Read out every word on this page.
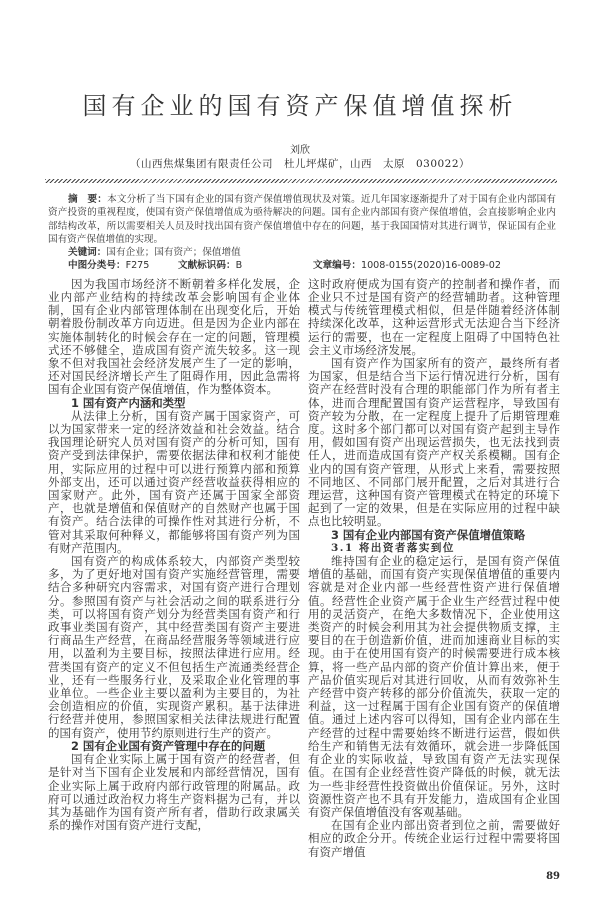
国有企业的国有资产保值增值探析
刘欣
（山西焦煤集团有限责任公司　杜儿坪煤矿，山西　太原　030022）

摘　要：本文分析了当下国有企业的国有资产保值增值现状及对策。近几年国家逐渐提升了对于国有企业内部国有资产投资的重视程度，使国有资产保值增值成为亟待解决的问题。国有企业内部国有资产保值增值，会直接影响企业内部结构改革，所以需要相关人员及时找出国有资产保值增值中存在的问题，基于我国国情对其进行调节，保证国有企业国有资产保值增值的实现。

关键词：国有企业；国有资产；保值增值
中图分类号：F275	文献标识码：B	文章编号：1008-0155(2020)16-0089-02

因为我国市场经济不断朝着多样化发展，企业内部产业结构的持续改革会影响国有企业体制，国有企业内部管理体制在出现变化后，开始朝着股份制改革方向迈进。但是因为企业内部在实施体制转化的时候会存在一定的问题，管理模式还不够健全，造成国有资产流失较多。这一现象不但对我国社会经济发展产生了一定的影响，还对国民经济增长产生了阻碍作用，因此急需将国有企业国有资产保值增值，作为整体资本。

1 国有资产内涵和类型

从法律上分析，国有资产属于国家资产，可以为国家带来一定的经济效益和社会效益。结合我国理论研究人员对国有资产的分析可知，国有资产受到法律保护，需要依据法律和权利才能使用，实际应用的过程中可以进行预算内部和预算外部支出，还可以通过资产经营收益获得相应的国家财产。此外，国有资产还属于国家全部资产，也就是增值和保值财产的自然财产也属于国有资产。结合法律的可操作性对其进行分析，不管对其采取何种释义，都能够将国有资产列为国有财产范围内。

国有资产的构成体系较大，内部资产类型较多，为了更好地对国有资产实施经营管理，需要结合多种研究内容需求，对国有资产进行合理划分。参照国有资产与社会活动之间的联系进行分类，可以将国有资产划分为经营类国有资产和行政事业类国有资产，其中经营类国有资产主要进行商品生产经营，在商品经营服务等领域进行应用，以盈利为主要目标，按照法律进行应用。经营类国有资产的定义不但包括生产流通类经营企业，还有一些服务行业，及采取企业化管理的事业单位。一些企业主要以盈利为主要目的，为社会创造相应的价值，实现资产累积。基于法律进行经营并使用，参照国家相关法律法规进行配置的国有资产，使用节约原则进行生产的资产。

2 国有企业国有资产管理中存在的问题

国有企业实际上属于国有资产的经营者，但是针对当下国有企业发展和内部经营情况，国有企业实际上属于政府内部行政管理的附属品。政府可以通过政治权力将生产资料据为己有，并以其为基础作为国有资产所有者，借助行政隶属关系的操作对国有资产进行支配，

这时政府便成为国有资产的控制者和操作者，而企业只不过是国有资产的经营辅助者。这种管理模式与传统管理模式相似，但是伴随着经济体制持续深化改革，这种运营形式无法迎合当下经济运行的需要，也在一定程度上阻碍了中国特色社会主义市场经济发展。

国有资产作为国家所有的资产，最终所有者为国家，但是结合当下运行情况进行分析，国有资产在经营时没有合理的职能部门作为所有者主体，进而合理配置国有资产运营程序，导致国有资产较为分散，在一定程度上提升了后期管理难度。这时多个部门都可以对国有资产起到主导作用，假如国有资产出现运营损失，也无法找到责任人，进而造成国有资产产权关系模糊。国有企业内的国有资产管理，从形式上来看，需要按照不同地区、不同部门展开配置，之后对其进行合理运营，这种国有资产管理模式在特定的环境下起到了一定的效果，但是在实际应用的过程中缺点也比较明显。

3 国有企业内部国有资产保值增值策略
3.1 将出资者落实到位

维持国有企业的稳定运行，是国有资产保值增值的基础，而国有资产实现保值增值的重要内容就是对企业内部一些经营性资产进行保值增值。经营性企业资产属于企业生产经营过程中使用的灵活资产，在绝大多数情况下，企业使用这类资产的时候会利用其为社会提供物质支撑，主要目的在于创造新价值，进而加速商业目标的实现。由于在使用国有资产的时候需要进行成本核算，将一些产品内部的资产价值计算出来，便于产品价值实现后对其进行回收，从而有效弥补生产经营中资产转移的部分价值流失，获取一定的利益，这一过程属于国有企业国有资产的保值增值。通过上述内容可以得知，国有企业内部在生产经营的过程中需要始终不断进行运营，假如供给生产和销售无法有效循环，就会进一步降低国有企业的实际收益，导致国有资产无法实现保值。在国有企业经营性资产降低的时候，就无法为一些非经营性投资做出价值保证。另外，这时资源性资产也不具有开发能力，造成国有企业国有资产保值增值没有客观基础。

在国有企业内部出资者到位之前，需要做好相应的政企分开。传统企业运行过程中需要将国有资产增值

89
